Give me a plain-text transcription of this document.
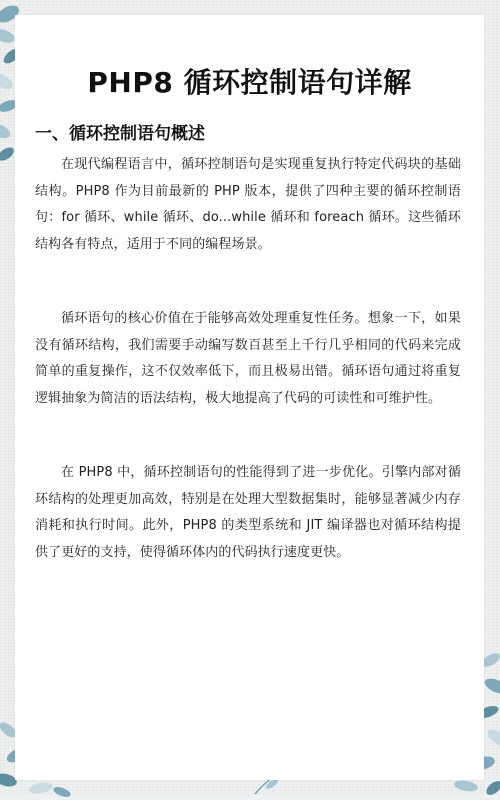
PHP8 循环控制语句详解
一、循环控制语句概述

在现代编程语言中，循环控制语句是实现重复执行特定代码块的基础结构。PHP8 作为目前最新的 PHP 版本，提供了四种主要的循环控制语句：for 循环、while 循环、do...while 循环和 foreach 循环。这些循环结构各有特点，适用于不同的编程场景。

循环语句的核心价值在于能够高效处理重复性任务。想象一下，如果没有循环结构，我们需要手动编写数百甚至上千行几乎相同的代码来完成简单的重复操作，这不仅效率低下，而且极易出错。循环语句通过将重复逻辑抽象为简洁的语法结构，极大地提高了代码的可读性和可维护性。

在 PHP8 中，循环控制语句的性能得到了进一步优化。引擎内部对循环结构的处理更加高效，特别是在处理大型数据集时，能够显著减少内存消耗和执行时间。此外，PHP8 的类型系统和 JIT 编译器也对循环结构提供了更好的支持，使得循环体内的代码执行速度更快。
